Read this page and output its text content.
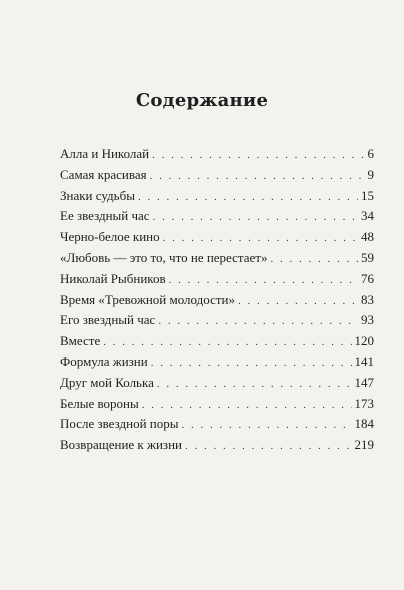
Содержание
Алла и Николай . . .	6
Самая красивая . . .	9
Знаки судьбы . . .	15
Ее звездный час . . .	34
Черно-белое кино . . .	48
«Любовь — это то, что не перестает» . . .	59
Николай Рыбников . . .	76
Время «Тревожной молодости» . . .	83
Его звездный час . . .	93
Вместе . . .	120
Формула жизни . . .	141
Друг мой Колька . . .	147
Белые вороны . . .	173
После звездной поры . . .	184
Возвращение к жизни . . .	219
